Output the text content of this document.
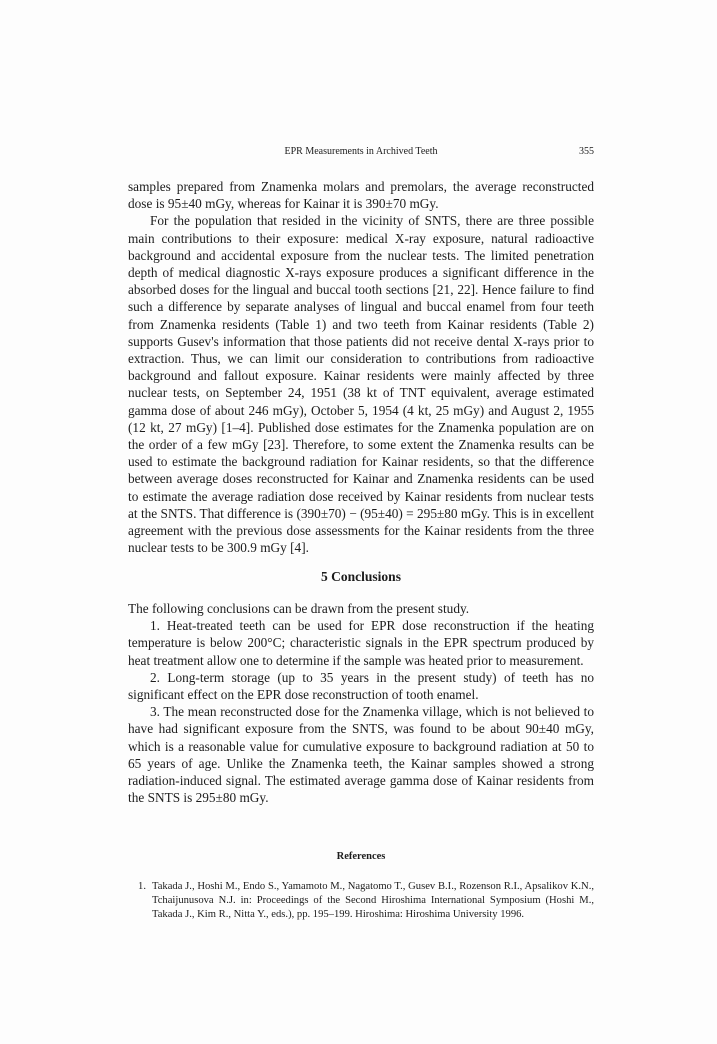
EPR Measurements in Archived Teeth	355

samples prepared from Znamenka molars and premolars, the average reconstructed dose is 95±40 mGy, whereas for Kainar it is 390±70 mGy.

For the population that resided in the vicinity of SNTS, there are three possible main contributions to their exposure: medical X-ray exposure, natural radioactive background and accidental exposure from the nuclear tests. The limited penetration depth of medical diagnostic X-rays exposure produces a significant difference in the absorbed doses for the lingual and buccal tooth sections [21, 22]. Hence failure to find such a difference by separate analyses of lingual and buccal enamel from four teeth from Znamenka residents (Table 1) and two teeth from Kainar residents (Table 2) supports Gusev's information that those patients did not receive dental X-rays prior to extraction. Thus, we can limit our consideration to contributions from radioactive background and fallout exposure. Kainar residents were mainly affected by three nuclear tests, on September 24, 1951 (38 kt of TNT equivalent, average estimated gamma dose of about 246 mGy), October 5, 1954 (4 kt, 25 mGy) and August 2, 1955 (12 kt, 27 mGy) [1–4]. Published dose estimates for the Znamenka population are on the order of a few mGy [23]. Therefore, to some extent the Znamenka results can be used to estimate the background radiation for Kainar residents, so that the difference between average doses reconstructed for Kainar and Znamenka residents can be used to estimate the average radiation dose received by Kainar residents from nuclear tests at the SNTS. That difference is (390±70) − (95±40) = 295±80 mGy. This is in excellent agreement with the previous dose assessments for the Kainar residents from the three nuclear tests to be 300.9 mGy [4].

5 Conclusions

The following conclusions can be drawn from the present study.

1. Heat-treated teeth can be used for EPR dose reconstruction if the heating temperature is below 200°C; characteristic signals in the EPR spectrum produced by heat treatment allow one to determine if the sample was heated prior to measurement.

2. Long-term storage (up to 35 years in the present study) of teeth has no significant effect on the EPR dose reconstruction of tooth enamel.

3. The mean reconstructed dose for the Znamenka village, which is not believed to have had significant exposure from the SNTS, was found to be about 90±40 mGy, which is a reasonable value for cumulative exposure to background radiation at 50 to 65 years of age. Unlike the Znamenka teeth, the Kainar samples showed a strong radiation-induced signal. The estimated average gamma dose of Kainar residents from the SNTS is 295±80 mGy.

References
1. Takada J., Hoshi M., Endo S., Yamamoto M., Nagatomo T., Gusev B.I., Rozenson R.I., Apsalikov K.N., Tchaijunusova N.J. in: Proceedings of the Second Hiroshima International Symposium (Hoshi M., Takada J., Kim R., Nitta Y., eds.), pp. 195–199. Hiroshima: Hiroshima University 1996.
